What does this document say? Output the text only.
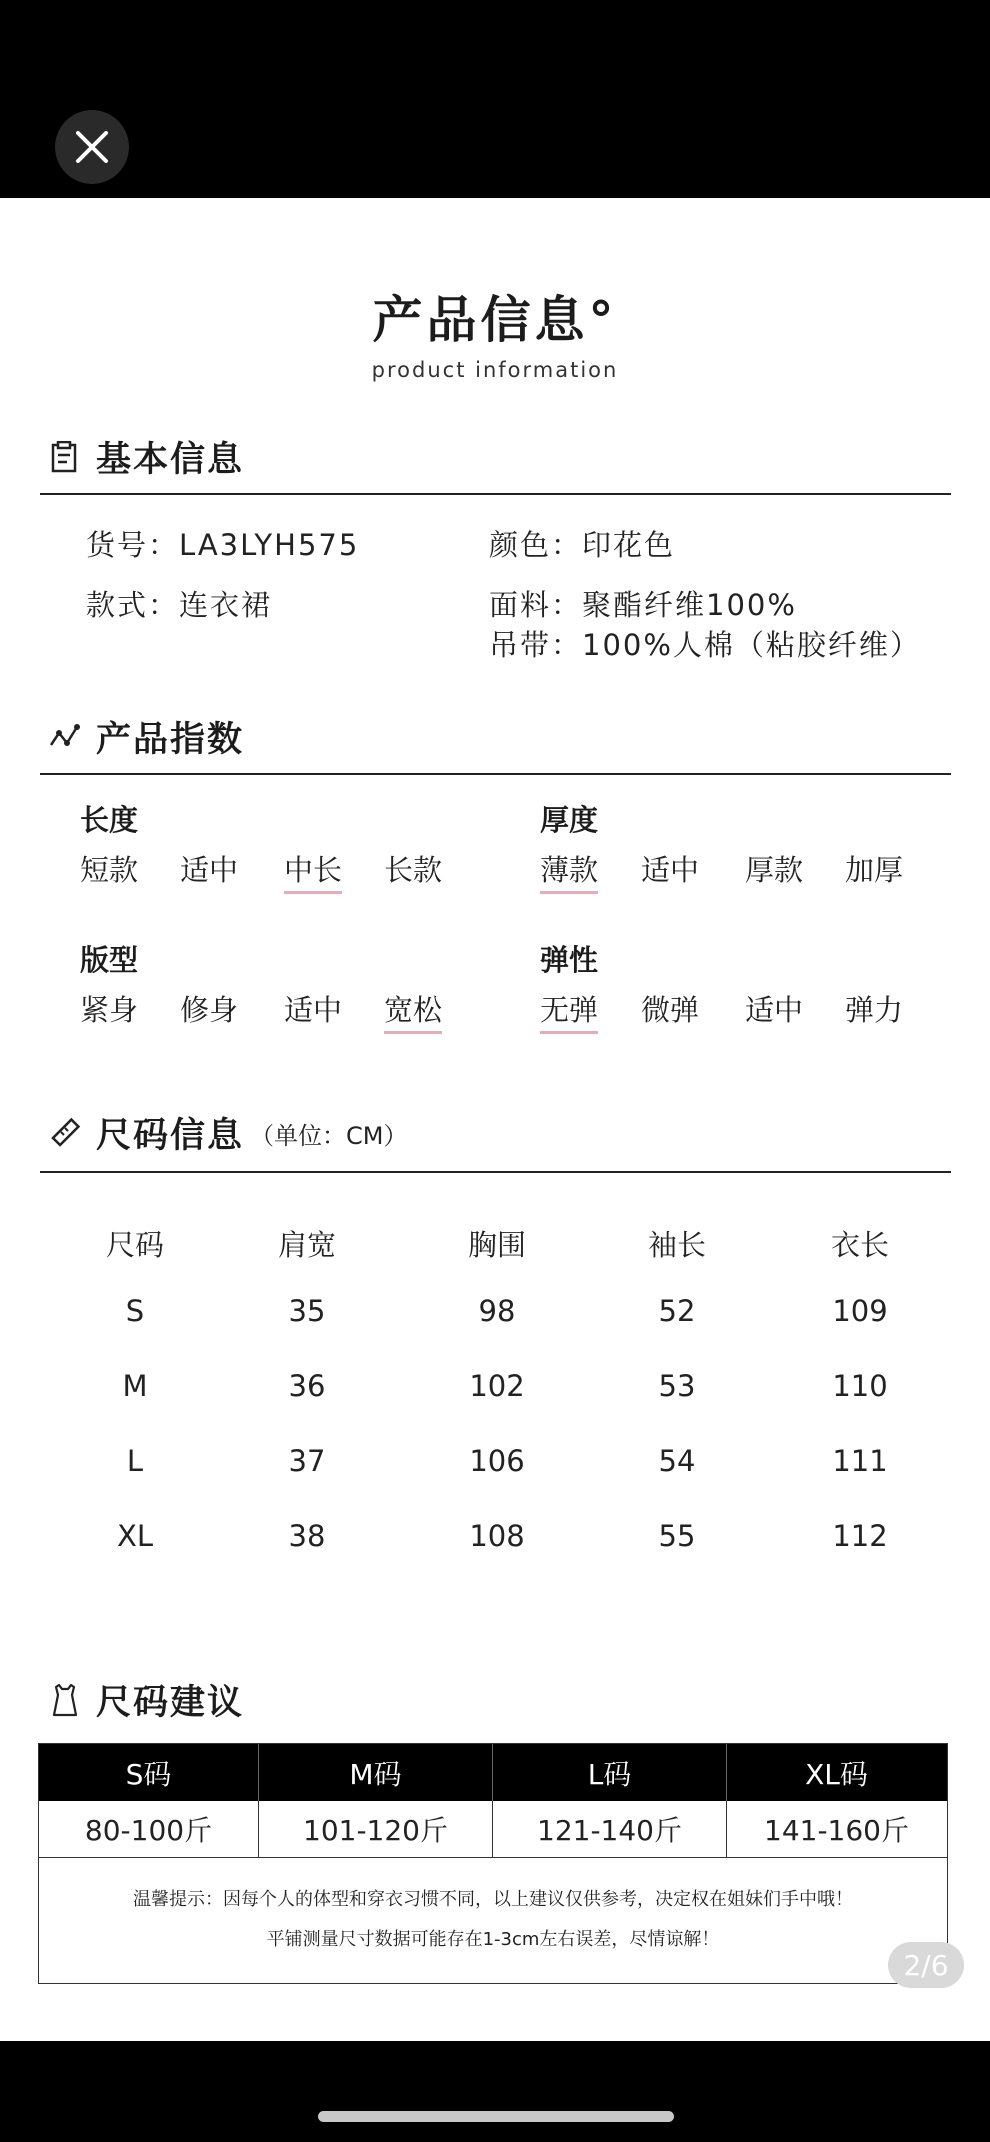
产品信息°
product information
基本信息
货号：LA3LYH575
款式：连衣裙
颜色：印花色
面料：聚酯纤维100%
吊带：100%人棉（粘胶纤维）
产品指数
长度
短款 适中 中长 长款
厚度
薄款 适中 厚款 加厚
版型
紧身 修身 适中 宽松
弹性
无弹 微弹 适中 弹力
尺码信息 （单位：CM）
尺码	肩宽	胸围	袖长	衣长
S	35	98	52	109
M	36	102	53	110
L	37	106	54	111
XL	38	108	55	112
尺码建议
S码	M码	L码	XL码
80-100斤	101-120斤	121-140斤	141-160斤
温馨提示：因每个人的体型和穿衣习惯不同，以上建议仅供参考，决定权在姐妹们手中哦！
平铺测量尺寸数据可能存在1-3cm左右误差，尽情谅解！
2/6
